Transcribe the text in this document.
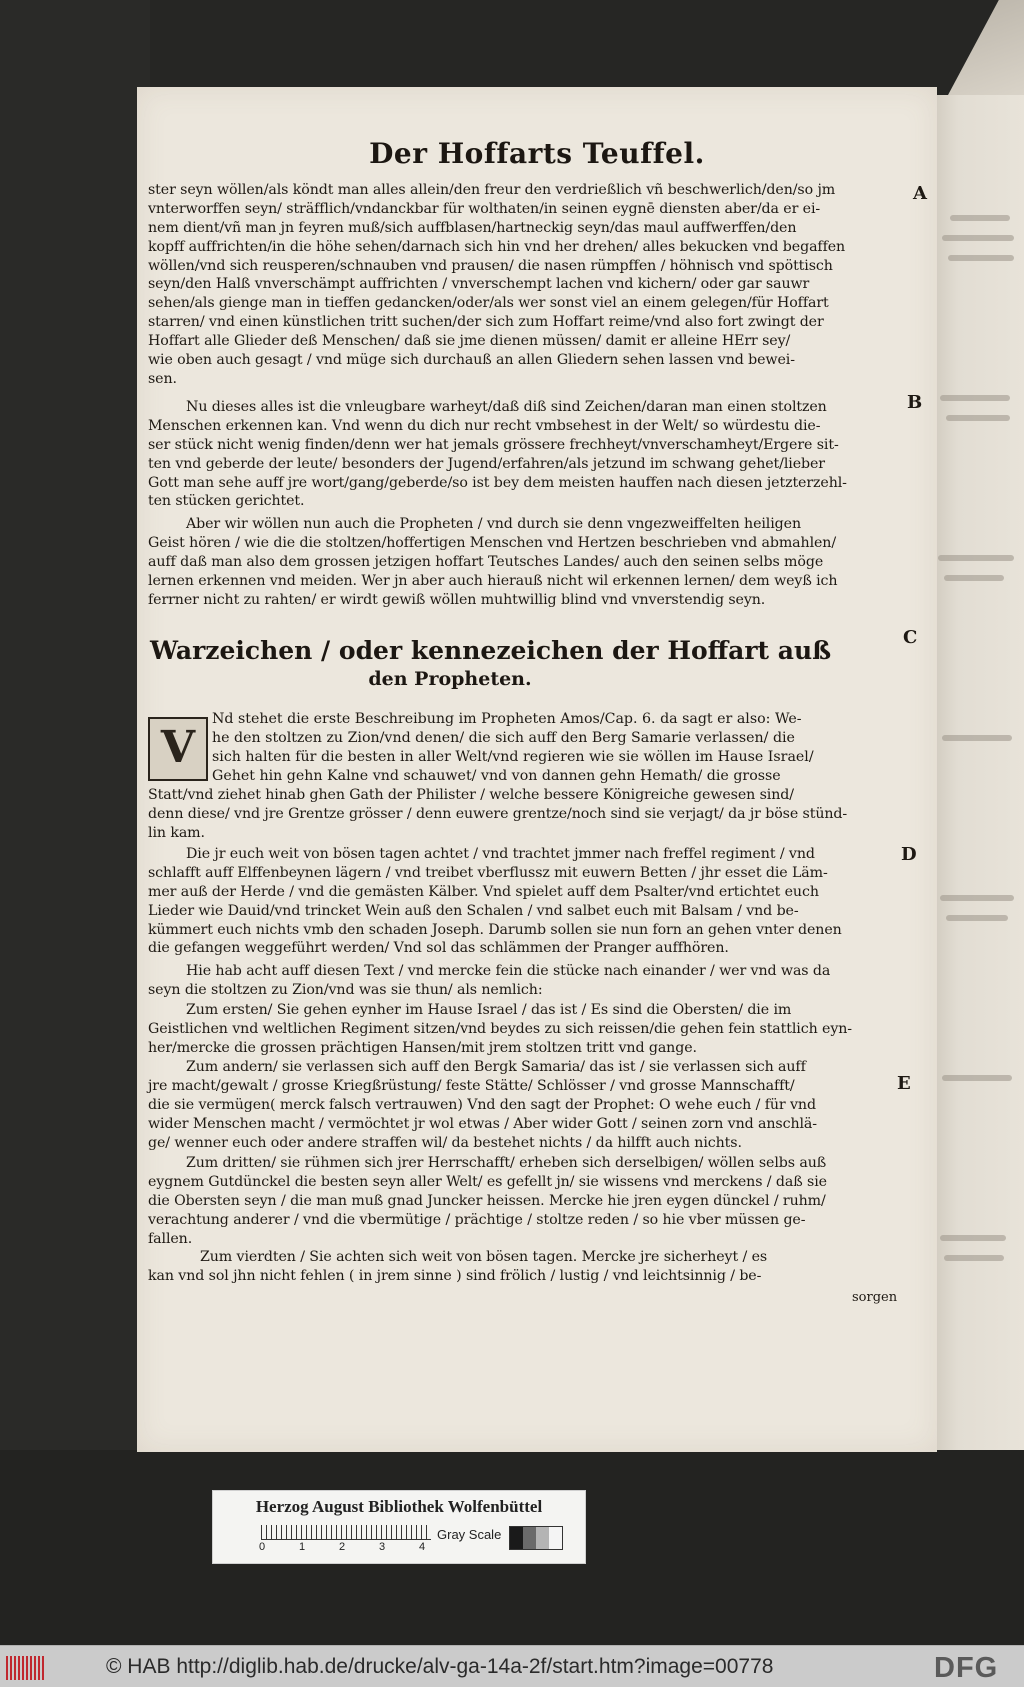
Der Hoffarts Teuffel.
A
B
C
D
E
ster seyn wöllen/als köndt man alles allein/den freur den verdrießlich vñ beschwerlich/den/so jm
vnterworffen seyn/ sträfflich/vndanckbar für wolthaten/in seinen eygnē diensten aber/da er ei-
nem dient/vñ man jn feyren muß/sich auffblasen/hartneckig seyn/das maul auffwerffen/den
kopff auffrichten/in die höhe sehen/darnach sich hin vnd her drehen/ alles bekucken vnd begaffen
wöllen/vnd sich reusperen/schnauben vnd prausen/ die nasen rümpffen / höhnisch vnd spöttisch
seyn/den Halß vnverschämpt auffrichten / vnverschempt lachen vnd kichern/ oder gar sauwr
sehen/als gienge man in tieffen gedancken/oder/als wer sonst viel an einem gelegen/für Hoffart
starren/ vnd einen künstlichen tritt suchen/der sich zum Hoffart reime/vnd also fort zwingt der
Hoffart alle Glieder deß Menschen/ daß sie jme dienen müssen/ damit er alleine HErr sey/
wie oben auch gesagt / vnd müge sich durchauß an allen Gliedern sehen lassen vnd bewei-
sen.
Nu dieses alles ist die vnleugbare warheyt/daß diß sind Zeichen/daran man einen stoltzen
Menschen erkennen kan. Vnd wenn du dich nur recht vmbsehest in der Welt/ so würdestu die-
ser stück nicht wenig finden/denn wer hat jemals grössere frechheyt/vnverschamheyt/Ergere sit-
ten vnd geberde der leute/ besonders der Jugend/erfahren/als jetzund im schwang gehet/lieber
Gott man sehe auff jre wort/gang/geberde/so ist bey dem meisten hauffen nach diesen jetzterzehl-
ten stücken gerichtet.
Aber wir wöllen nun auch die Propheten / vnd durch sie denn vngezweiffelten heiligen
Geist hören / wie die die stoltzen/hoffertigen Menschen vnd Hertzen beschrieben vnd abmahlen/
auff daß man also dem grossen jetzigen hoffart Teutsches Landes/ auch den seinen selbs möge
lernen erkennen vnd meiden. Wer jn aber auch hierauß nicht wil erkennen lernen/ dem weyß ich
ferrner nicht zu rahten/ er wirdt gewiß wöllen muhtwillig blind vnd vnverstendig seyn.
Warzeichen / oder kennezeichen der Hoffart auß
den Propheten.
V
Nd stehet die erste Beschreibung im Propheten Amos/Cap. 6. da sagt er also: We-
he den stoltzen zu Zion/vnd denen/ die sich auff den Berg Samarie verlassen/ die
sich halten für die besten in aller Welt/vnd regieren wie sie wöllen im Hause Israel/
Gehet hin gehn Kalne vnd schauwet/ vnd von dannen gehn Hemath/ die grosse
Statt/vnd ziehet hinab ghen Gath der Philister / welche bessere Königreiche gewesen sind/
denn diese/ vnd jre Grentze grösser / denn euwere grentze/noch sind sie verjagt/ da jr böse stünd-
lin kam.
Die jr euch weit von bösen tagen achtet / vnd trachtet jmmer nach freffel regiment / vnd
schlafft auff Elffenbeynen lägern / vnd treibet vberflussz mit euwern Betten / jhr esset die Läm-
mer auß der Herde / vnd die gemästen Kälber. Vnd spielet auff dem Psalter/vnd ertichtet euch
Lieder wie Dauid/vnd trincket Wein auß den Schalen / vnd salbet euch mit Balsam / vnd be-
kümmert euch nichts vmb den schaden Joseph. Darumb sollen sie nun forn an gehen vnter denen
die gefangen weggeführt werden/ Vnd sol das schlämmen der Pranger auffhören.
Hie hab acht auff diesen Text / vnd mercke fein die stücke nach einander / wer vnd was da
seyn die stoltzen zu Zion/vnd was sie thun/ als nemlich:
Zum ersten/ Sie gehen eynher im Hause Israel / das ist / Es sind die Obersten/ die im
Geistlichen vnd weltlichen Regiment sitzen/vnd beydes zu sich reissen/die gehen fein stattlich eyn-
her/mercke die grossen prächtigen Hansen/mit jrem stoltzen tritt vnd gange.
Zum andern/ sie verlassen sich auff den Bergk Samaria/ das ist / sie verlassen sich auff
jre macht/gewalt / grosse Kriegßrüstung/ feste Stätte/ Schlösser / vnd grosse Mannschafft/
die sie vermügen( merck falsch vertrauwen) Vnd den sagt der Prophet: O wehe euch / für vnd
wider Menschen macht / vermöchtet jr wol etwas / Aber wider Gott / seinen zorn vnd anschlä-
ge/ wenner euch oder andere straffen wil/ da bestehet nichts / da hilfft auch nichts.
Zum dritten/ sie rühmen sich jrer Herrschafft/ erheben sich derselbigen/ wöllen selbs auß
eygnem Gutdünckel die besten seyn aller Welt/ es gefellt jn/ sie wissens vnd merckens / daß sie
die Obersten seyn / die man muß gnad Juncker heissen. Mercke hie jren eygen dünckel / ruhm/
verachtung anderer / vnd die vbermütige / prächtige / stoltze reden / so hie vber müssen ge-
fallen.
Zum vierdten / Sie achten sich weit von bösen tagen. Mercke jre sicherheyt / es
kan vnd sol jhn nicht fehlen ( in jrem sinne ) sind frölich / lustig / vnd leichtsinnig / be-
sorgen
Herzog August Bibliothek Wolfenbüttel
0	1	2	3	4
Gray Scale
© HAB http://diglib.hab.de/drucke/alv-ga-14a-2f/start.htm?image=00778	DFG
